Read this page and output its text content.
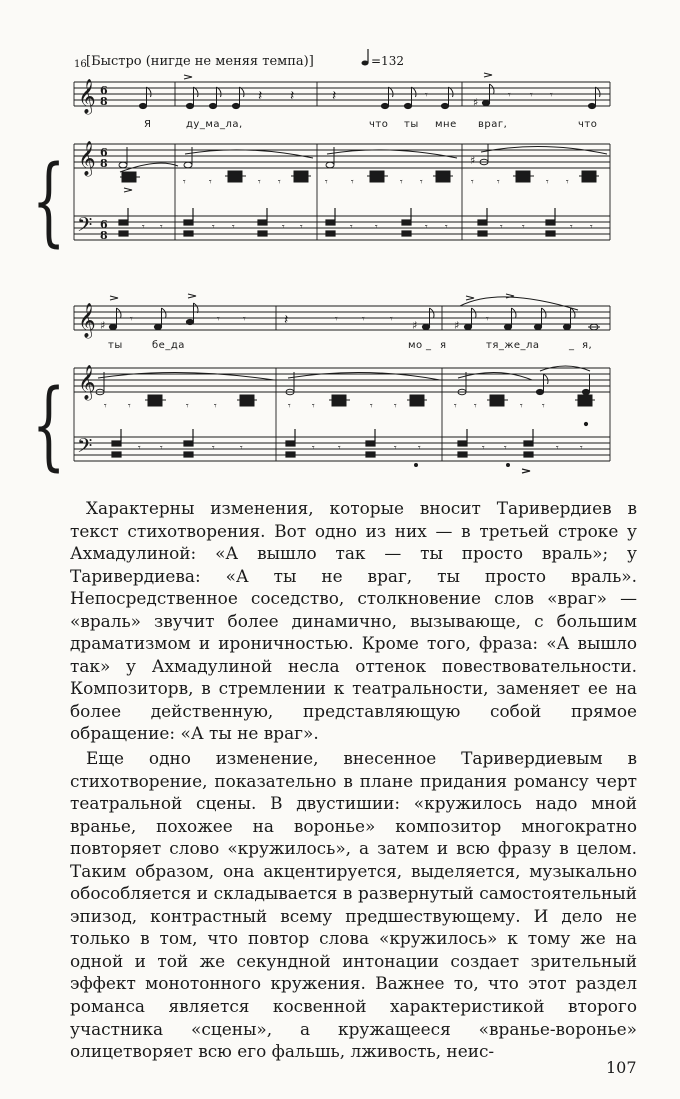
16 [Быстро (нигде не меняя темпа)]	=132
𝄞 6
8	𝄽 𝄽	𝄽	𝄾
♯
𝄾 𝄾 𝄾
Я	ду_ма_ла,	что ты мне враг,	что
{ 𝄞 6
8	♯
𝄾 𝄾	𝄾 𝄾	𝄾 𝄾	𝄾 𝄾	𝄾 𝄾	𝄾 𝄾
𝄢 6
8
𝄾 𝄾	𝄾 𝄾	𝄾 𝄾	𝄾 𝄾	𝄾 𝄾	𝄾 𝄾	𝄾 𝄾
𝄞 ♯ 𝄾	𝄾 𝄾	𝄽	𝄾 𝄾	𝄾 ♯	♯	𝄾
ты	бе_да	мо _ я	тя_же_ла	_ я,
{ 𝄞
𝄾 𝄾	𝄾	𝄾	𝄾 𝄾	𝄾 𝄾	𝄾 𝄾	𝄾 𝄾
𝄢	𝄾 𝄾	𝄾	𝄾	𝄾 𝄾	𝄾 𝄾	𝄾 𝄾	𝄾 𝄾

Характерны изменения, которые вносит Таривердиев в текст стихотворения. Вот одно из них — в третьей строке у Ахмадулиной: «А вышло так — ты просто враль»; у Таривердиева: «А ты не враг, ты просто враль». Непосредственное соседство, столкновение слов «враг» — «враль» звучит более динамично, вызывающе, с большим драматизмом и ироничностью. Кроме того, фраза: «А вышло так» у Ахмадулиной несла оттенок повествовательности. Композиторв, в стремлении к театральности, заменяет ее на более действенную, представляющую собой прямое обращение: «А ты не враг».

Еще одно изменение, внесенное Таривердиевым в стихотворение, показательно в плане придания романсу черт театральной сцены. В двустишии: «кружилось надо мной вранье, похожее на воронье» композитор многократно повторяет слово «кружилось», а затем и всю фразу в целом. Таким образом, она акцентируется, выделяется, музыкально обособляется и складывается в развернутый самостоятельный эпизод, контрастный всему предшествующему. И дело не только в том, что повтор слова «кружилось» к тому же на одной и той же секундной интонации создает зрительный эффект монотонного кружения. Важнее то, что этот раздел романса является косвенной характеристикой второго участника «сцены», а кружащееся «вранье-воронье» олицетворяет всю его фальшь, лживость, неис-

107
